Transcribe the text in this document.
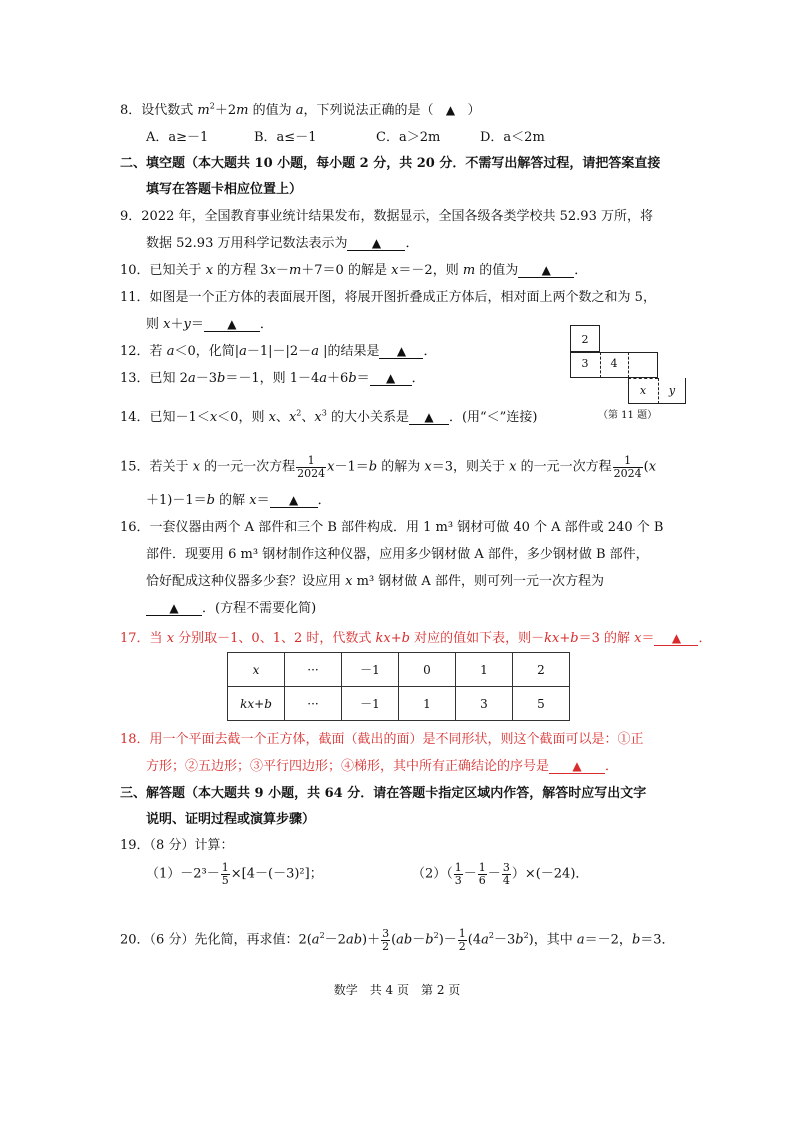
8．设代数式 $m^2+2m$ 的值为 a，下列说法正确的是（ ▲ ）
A．a≥－1	B．a≤－1	C．a＞2m	D．a＜2m
二、填空题（本大题共 10 小题，每小题 2 分，共 20 分．不需写出解答过程，请把答案直接
填写在答题卡相应位置上）
9．2022 年，全国教育事业统计结果发布，数据显示，全国各级各类学校共 52.93 万所，将
数据 52.93 万用科学记数法表示为 ▲ ．
10．已知关于 x 的方程 3x－m＋7＝0 的解是 x＝－2，则 m 的值为 ▲ ．
11．如图是一个正方体的表面展开图，将展开图折叠成正方体后，相对面上两个数之和为 5，
则 x＋y＝ ▲ ．
2
3	4
x	y
（第 11 题）
12．若 a＜0，化简|a－1|－|2－a |的结果是 ▲ ．
13．已知 2a－3b＝－1，则 1－4a＋6b＝ ▲ ．
14．已知－1＜x＜0，则 x、$x^2$、$x^3$ 的大小关系是 ▲ ．(用“＜”连接)
15．若关于 x 的一元一次方程 $\frac{1}{2024} x-1=b$ 的解为 x＝3，则关于 x 的一元一次方程 $\frac{1}{2024} (x$
＋1)－1＝b 的解 x＝ ▲ ．
16．一套仪器由两个 A 部件和三个 B 部件构成．用 1 m³ 钢材可做 40 个 A 部件或 240 个 B
部件．现要用 6 m³ 钢材制作这种仪器，应用多少钢材做 A 部件，多少钢材做 B 部件，
恰好配成这种仪器多少套？设应用 x m³ 钢材做 A 部件，则可列一元一次方程为
▲ ．(方程不需要化简)
17．当 x 分别取－1、0、1、2 时，代数式 kx+b 对应的值如下表，则－kx+b＝3 的解 x＝ ▲ ．
x	···	－1	0	1	2
kx+b	···	－1	1	3	5
18．用一个平面去截一个正方体，截面（截出的面）是不同形状，则这个截面可以是：①正
方形；②五边形；③平行四边形；④梯形，其中所有正确结论的序号是 ▲ ．
三、解答题（本大题共 9 小题，共 64 分．请在答题卡指定区域内作答，解答时应写出文字
说明、证明过程或演算步骤）
19．（8 分）计算：
$(1)-2^3- \frac{1}{5} \times[4-(-3)^2]$；	$(2)( \frac{1}{3} - \frac{1}{6} - \frac{3}{4} )\times(-24)$．
20．（6 分）先化简，再求值：$2(a^2-2ab)+ \frac{3}{2} (ab-b^2)- \frac{1}{2} (4a^2-3b^2)$，其中 a＝－2，b＝3．
数学　共 4 页　第 2 页
